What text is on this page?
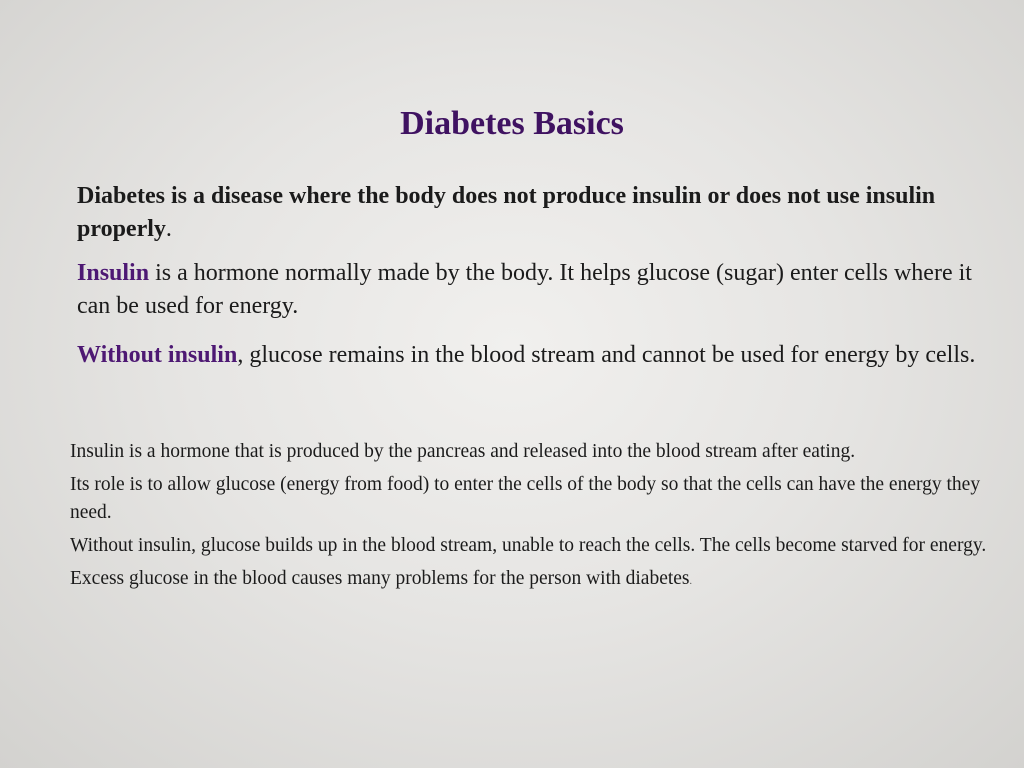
Diabetes Basics

Diabetes is a disease where the body does not produce insulin or does not use insulin properly.

Insulin is a hormone normally made by the body. It helps glucose (sugar) enter cells where it can be used for energy.

Without insulin, glucose remains in the blood stream and cannot be used for energy by cells.

Insulin is a hormone that is produced by the pancreas and released into the blood stream after eating.

Its role is to allow glucose (energy from food) to enter the cells of the body so that the cells can have the energy they need.

Without insulin, glucose builds up in the blood stream, unable to reach the cells. The cells become starved for energy.

Excess glucose in the blood causes many problems for the person with diabetes.
